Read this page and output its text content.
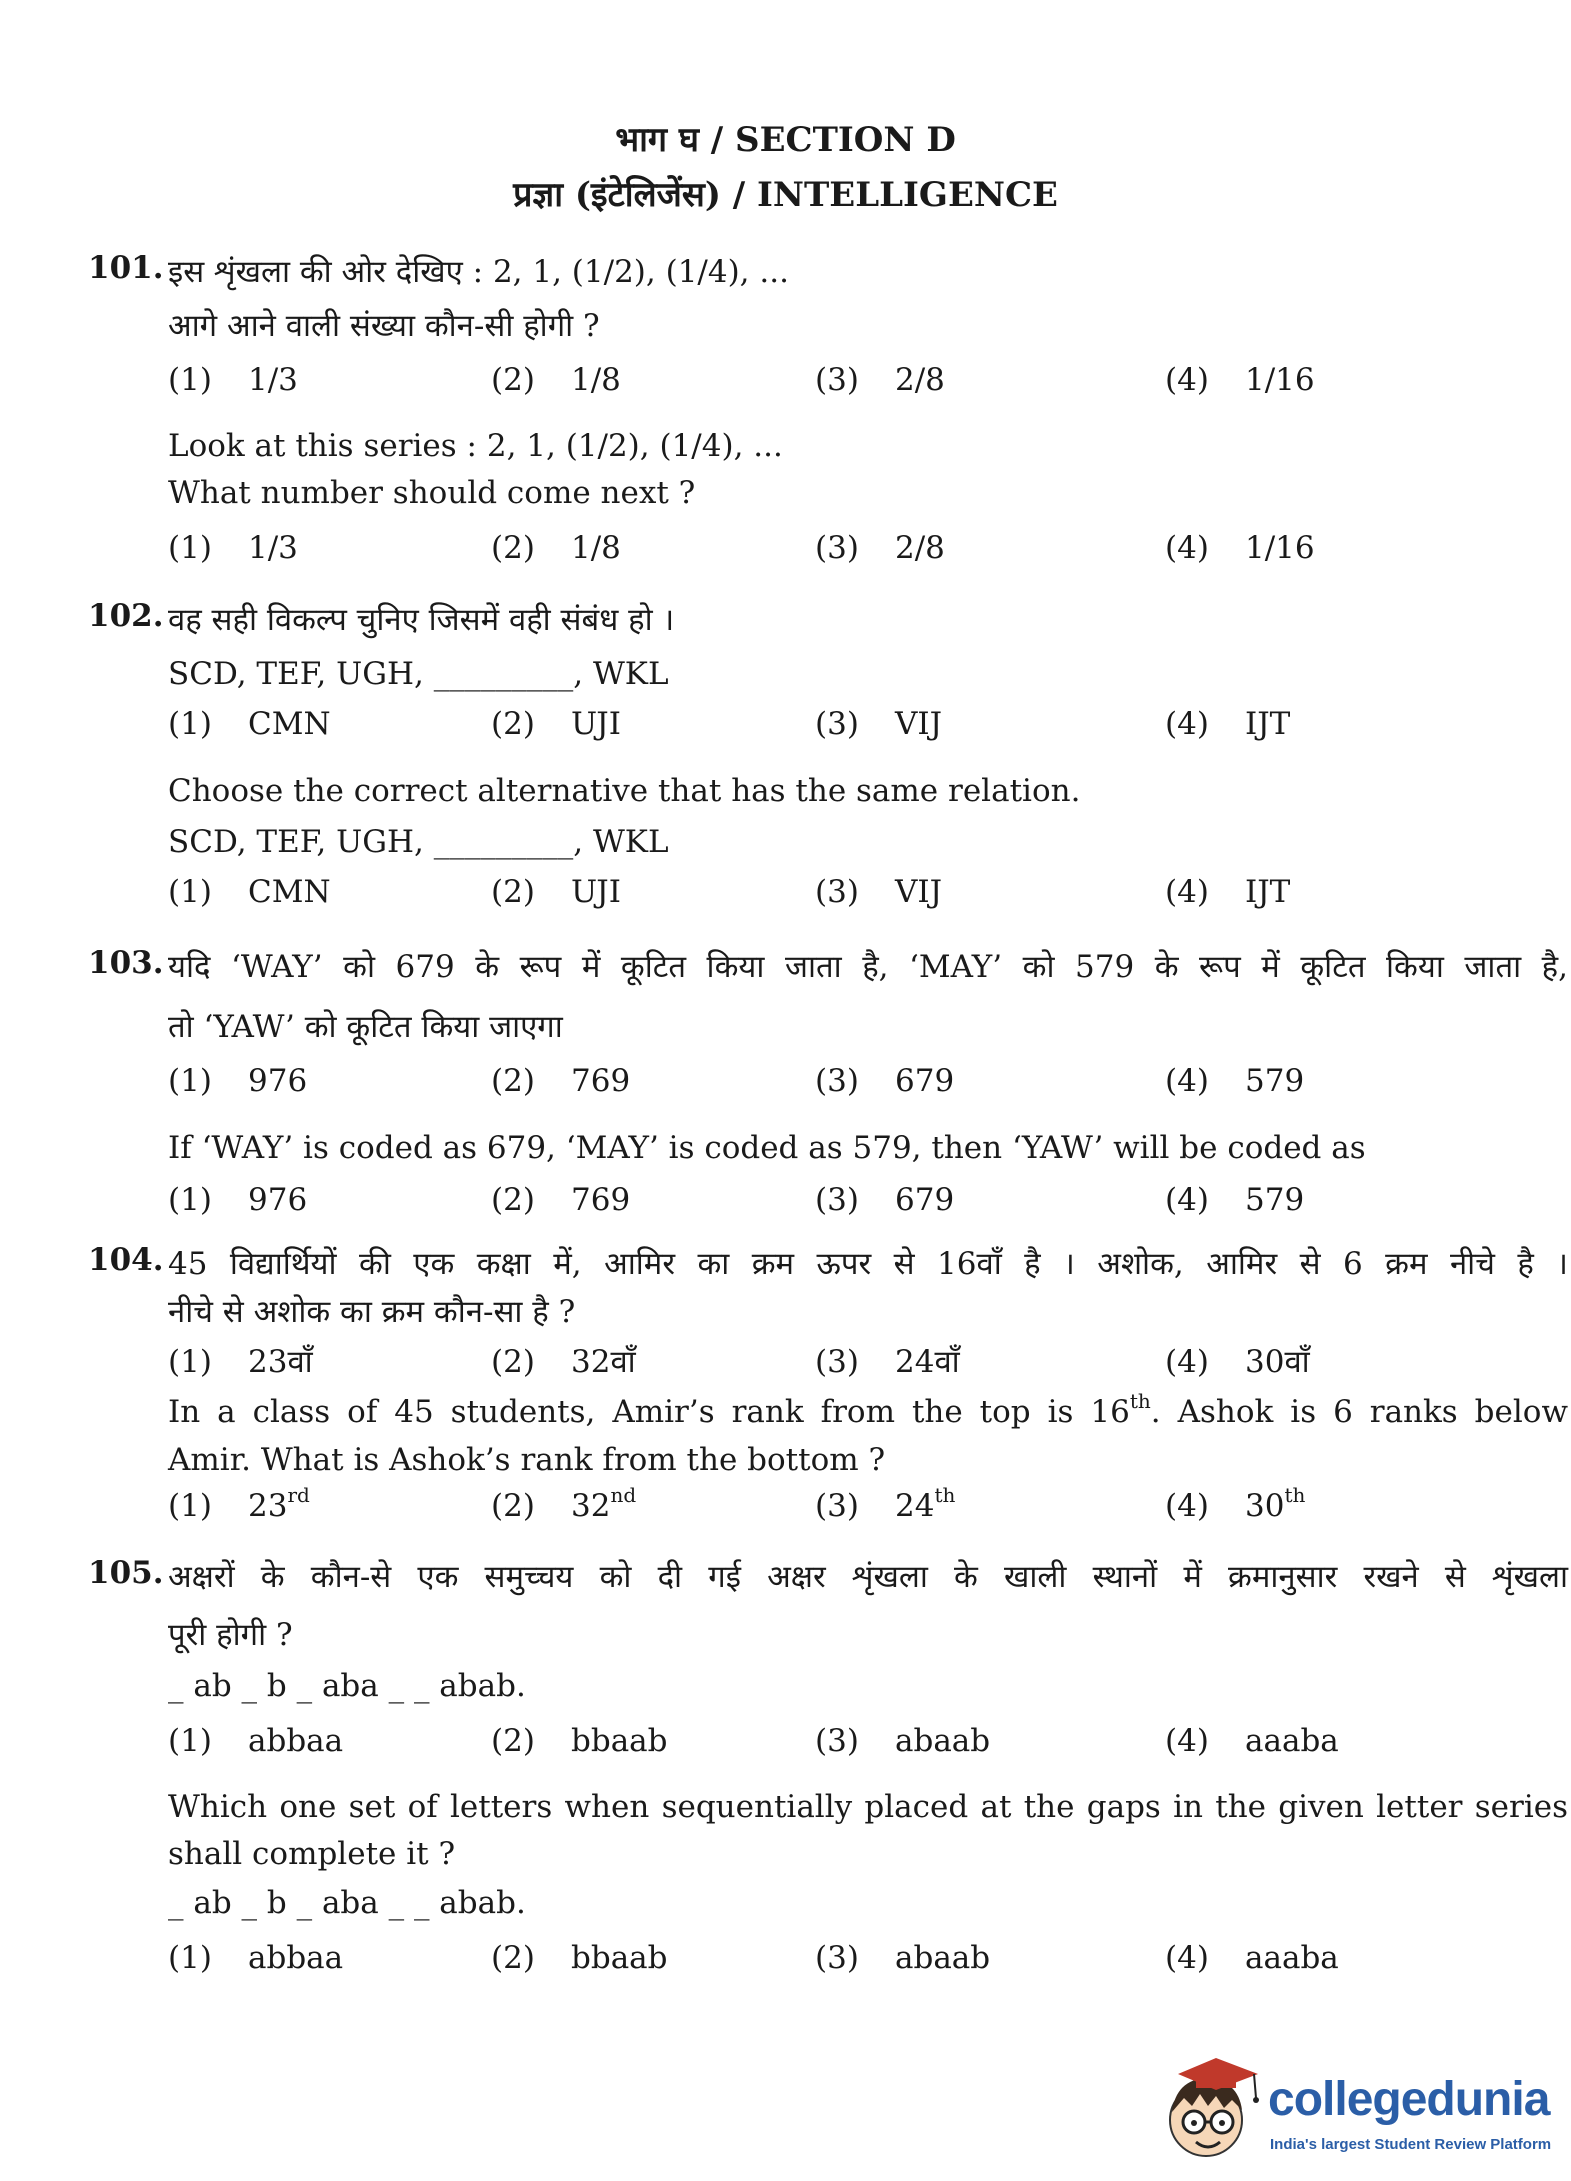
भाग घ / SECTION D
प्रज्ञा (इंटेलिजेंस) / INTELLIGENCE
101. इस शृंखला की ओर देखिए : 2, 1, (1/2), (1/4), ...
आगे आने वाली संख्या कौन-सी होगी ?
(1) 1/3	(2) 1/8	(3) 2/8	(4) 1/16
Look at this series : 2, 1, (1/2), (1/4), ...
What number should come next ?
(1) 1/3	(2) 1/8	(3) 2/8	(4) 1/16
102. वह सही विकल्प चुनिए जिसमें वही संबंध हो ।
SCD, TEF, UGH, _________, WKL
(1) CMN	(2) UJI	(3) VIJ	(4) IJT
Choose the correct alternative that has the same relation.
SCD, TEF, UGH, _________, WKL
(1) CMN	(2) UJI	(3) VIJ	(4) IJT
103. यदि ‘WAY’ को 679 के रूप में कूटित किया जाता है, ‘MAY’ को 579 के रूप में कूटित किया जाता है,
तो ‘YAW’ को कूटित किया जाएगा
(1) 976	(2) 769	(3) 679	(4) 579
If ‘WAY’ is coded as 679, ‘MAY’ is coded as 579, then ‘YAW’ will be coded as
(1) 976	(2) 769	(3) 679	(4) 579
104. 45 विद्यार्थियों की एक कक्षा में, आमिर का क्रम ऊपर से 16वाँ है । अशोक, आमिर से 6 क्रम नीचे है ।
नीचे से अशोक का क्रम कौन-सा है ?
(1) 23वाँ	(2) 32वाँ	(3) 24वाँ	(4) 30वाँ
In a class of 45 students, Amir’s rank from the top is 16th. Ashok is 6 ranks below
Amir. What is Ashok’s rank from the bottom ?
(1) 23rd	(2) 32nd	(3) 24th	(4) 30th
105. अक्षरों के कौन-से एक समुच्चय को दी गई अक्षर शृंखला के खाली स्थानों में क्रमानुसार रखने से शृंखला
पूरी होगी ?
_ ab _ b _ aba _ _ abab.
(1) abbaa	(2) bbaab	(3) abaab	(4) aaaba
Which one set of letters when sequentially placed at the gaps in the given letter series
shall complete it ?
_ ab _ b _ aba _ _ abab.
(1) abbaa	(2) bbaab	(3) abaab	(4) aaaba
collegedunia
India's largest Student Review Platform
